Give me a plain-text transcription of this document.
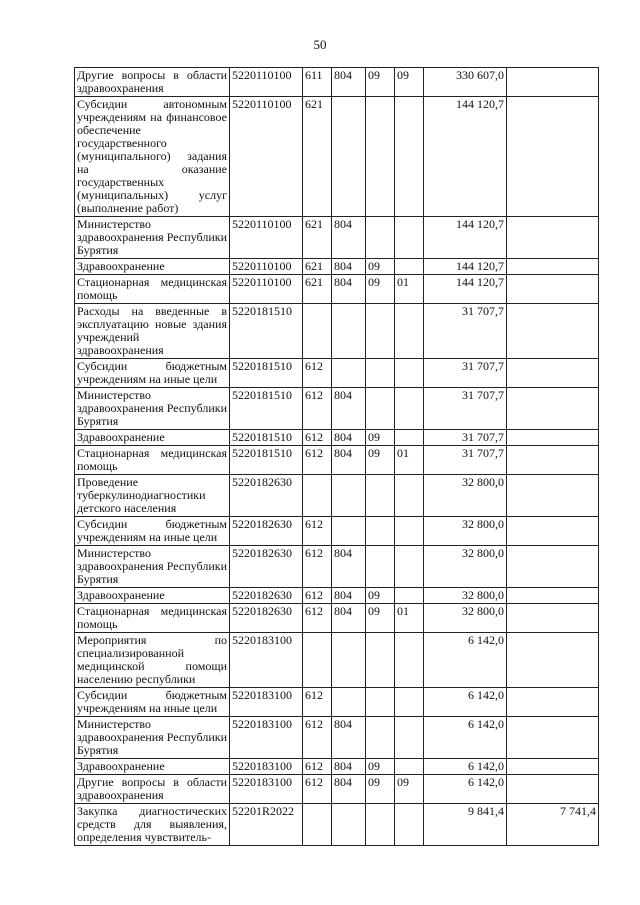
50
Другие вопросы в области здравоохранения	5220110100	611	804	09	09	330 607,0	
Субсидии автономным учреждениям на финансовое обеспечение государственного (муниципального) задания на оказание государственных (муниципальных) услуг (выполнение работ)	5220110100	621				144 120,7	
Министерство здравоохранения Республики Бурятия	5220110100	621	804			144 120,7	
Здравоохранение	5220110100	621	804	09		144 120,7	
Стационарная медицинская помощь	5220110100	621	804	09	01	144 120,7	
Расходы на введенные в эксплуатацию новые здания учреждений здравоохранения	5220181510					31 707,7	
Субсидии бюджетным учреждениям на иные цели	5220181510	612				31 707,7	
Министерство здравоохранения Республики Бурятия	5220181510	612	804			31 707,7	
Здравоохранение	5220181510	612	804	09		31 707,7	
Стационарная медицинская помощь	5220181510	612	804	09	01	31 707,7	
Проведение туберкулинодиагностики детского населения	5220182630					32 800,0	
Субсидии бюджетным учреждениям на иные цели	5220182630	612				32 800,0	
Министерство здравоохранения Республики Бурятия	5220182630	612	804			32 800,0	
Здравоохранение	5220182630	612	804	09		32 800,0	
Стационарная медицинская помощь	5220182630	612	804	09	01	32 800,0	
Мероприятия по специализированной медицинской помощи населению республики	5220183100					6 142,0	
Субсидии бюджетным учреждениям на иные цели	5220183100	612				6 142,0	
Министерство здравоохранения Республики Бурятия	5220183100	612	804			6 142,0	
Здравоохранение	5220183100	612	804	09		6 142,0	
Другие вопросы в области здравоохранения	5220183100	612	804	09	09	6 142,0	
Закупка диагностических средств для выявления, определения чувствитель-	52201R2022					9 841,4	7 741,4
